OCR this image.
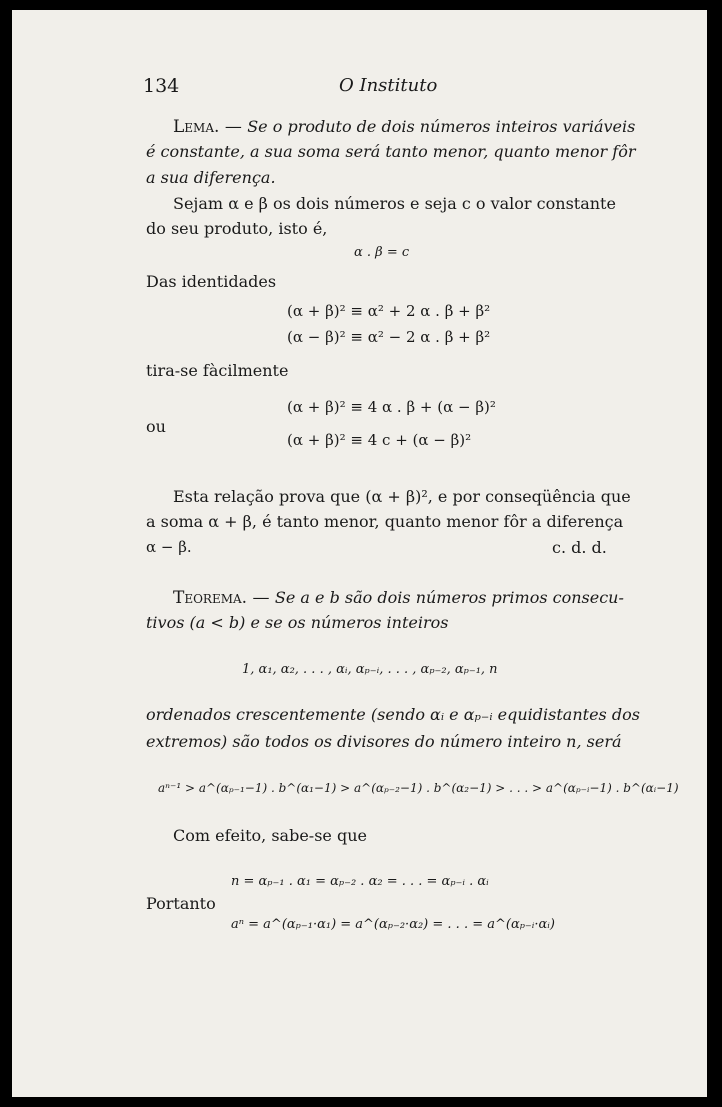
134	O Instituto
Lema. — Se o produto de dois números inteiros variáveis
é constante, a sua soma será tanto menor, quanto menor fôr
a sua diferença.
Sejam α e β os dois números e seja c o valor constante
do seu produto, isto é,
α . β = c
Das identidades
(α + β)² ≡ α² + 2 α . β + β²
(α − β)² ≡ α² − 2 α . β + β²
tira-se fàcilmente
(α + β)² ≡ 4 α . β + (α − β)²
ou
(α + β)² ≡ 4 c + (α − β)²
Esta relação prova que (α + β)², e por conseqüência que
a soma α + β, é tanto menor, quanto menor fôr a diferença
α − β.	c. d. d.
Teorema. — Se a e b são dois números primos consecu-
tivos (a < b) e se os números inteiros
1, α₁, α₂, . . . , αᵢ, αₚ₋ᵢ, . . . , αₚ₋₂, αₚ₋₁, n
ordenados crescentemente (sendo αᵢ e αₚ₋ᵢ equidistantes dos
extremos) são todos os divisores do número inteiro n, será
aⁿ⁻¹ > a^(αₚ₋₁−1) . b^(α₁−1) > a^(αₚ₋₂−1) . b^(α₂−1) > . . . > a^(αₚ₋ᵢ−1) . b^(αᵢ−1)
Com efeito, sabe-se que
n = αₚ₋₁ . α₁ = αₚ₋₂ . α₂ = . . . = αₚ₋ᵢ . αᵢ
Portanto
aⁿ = a^(αₚ₋₁·α₁) = a^(αₚ₋₂·α₂) = . . . = a^(αₚ₋ᵢ·αᵢ)
